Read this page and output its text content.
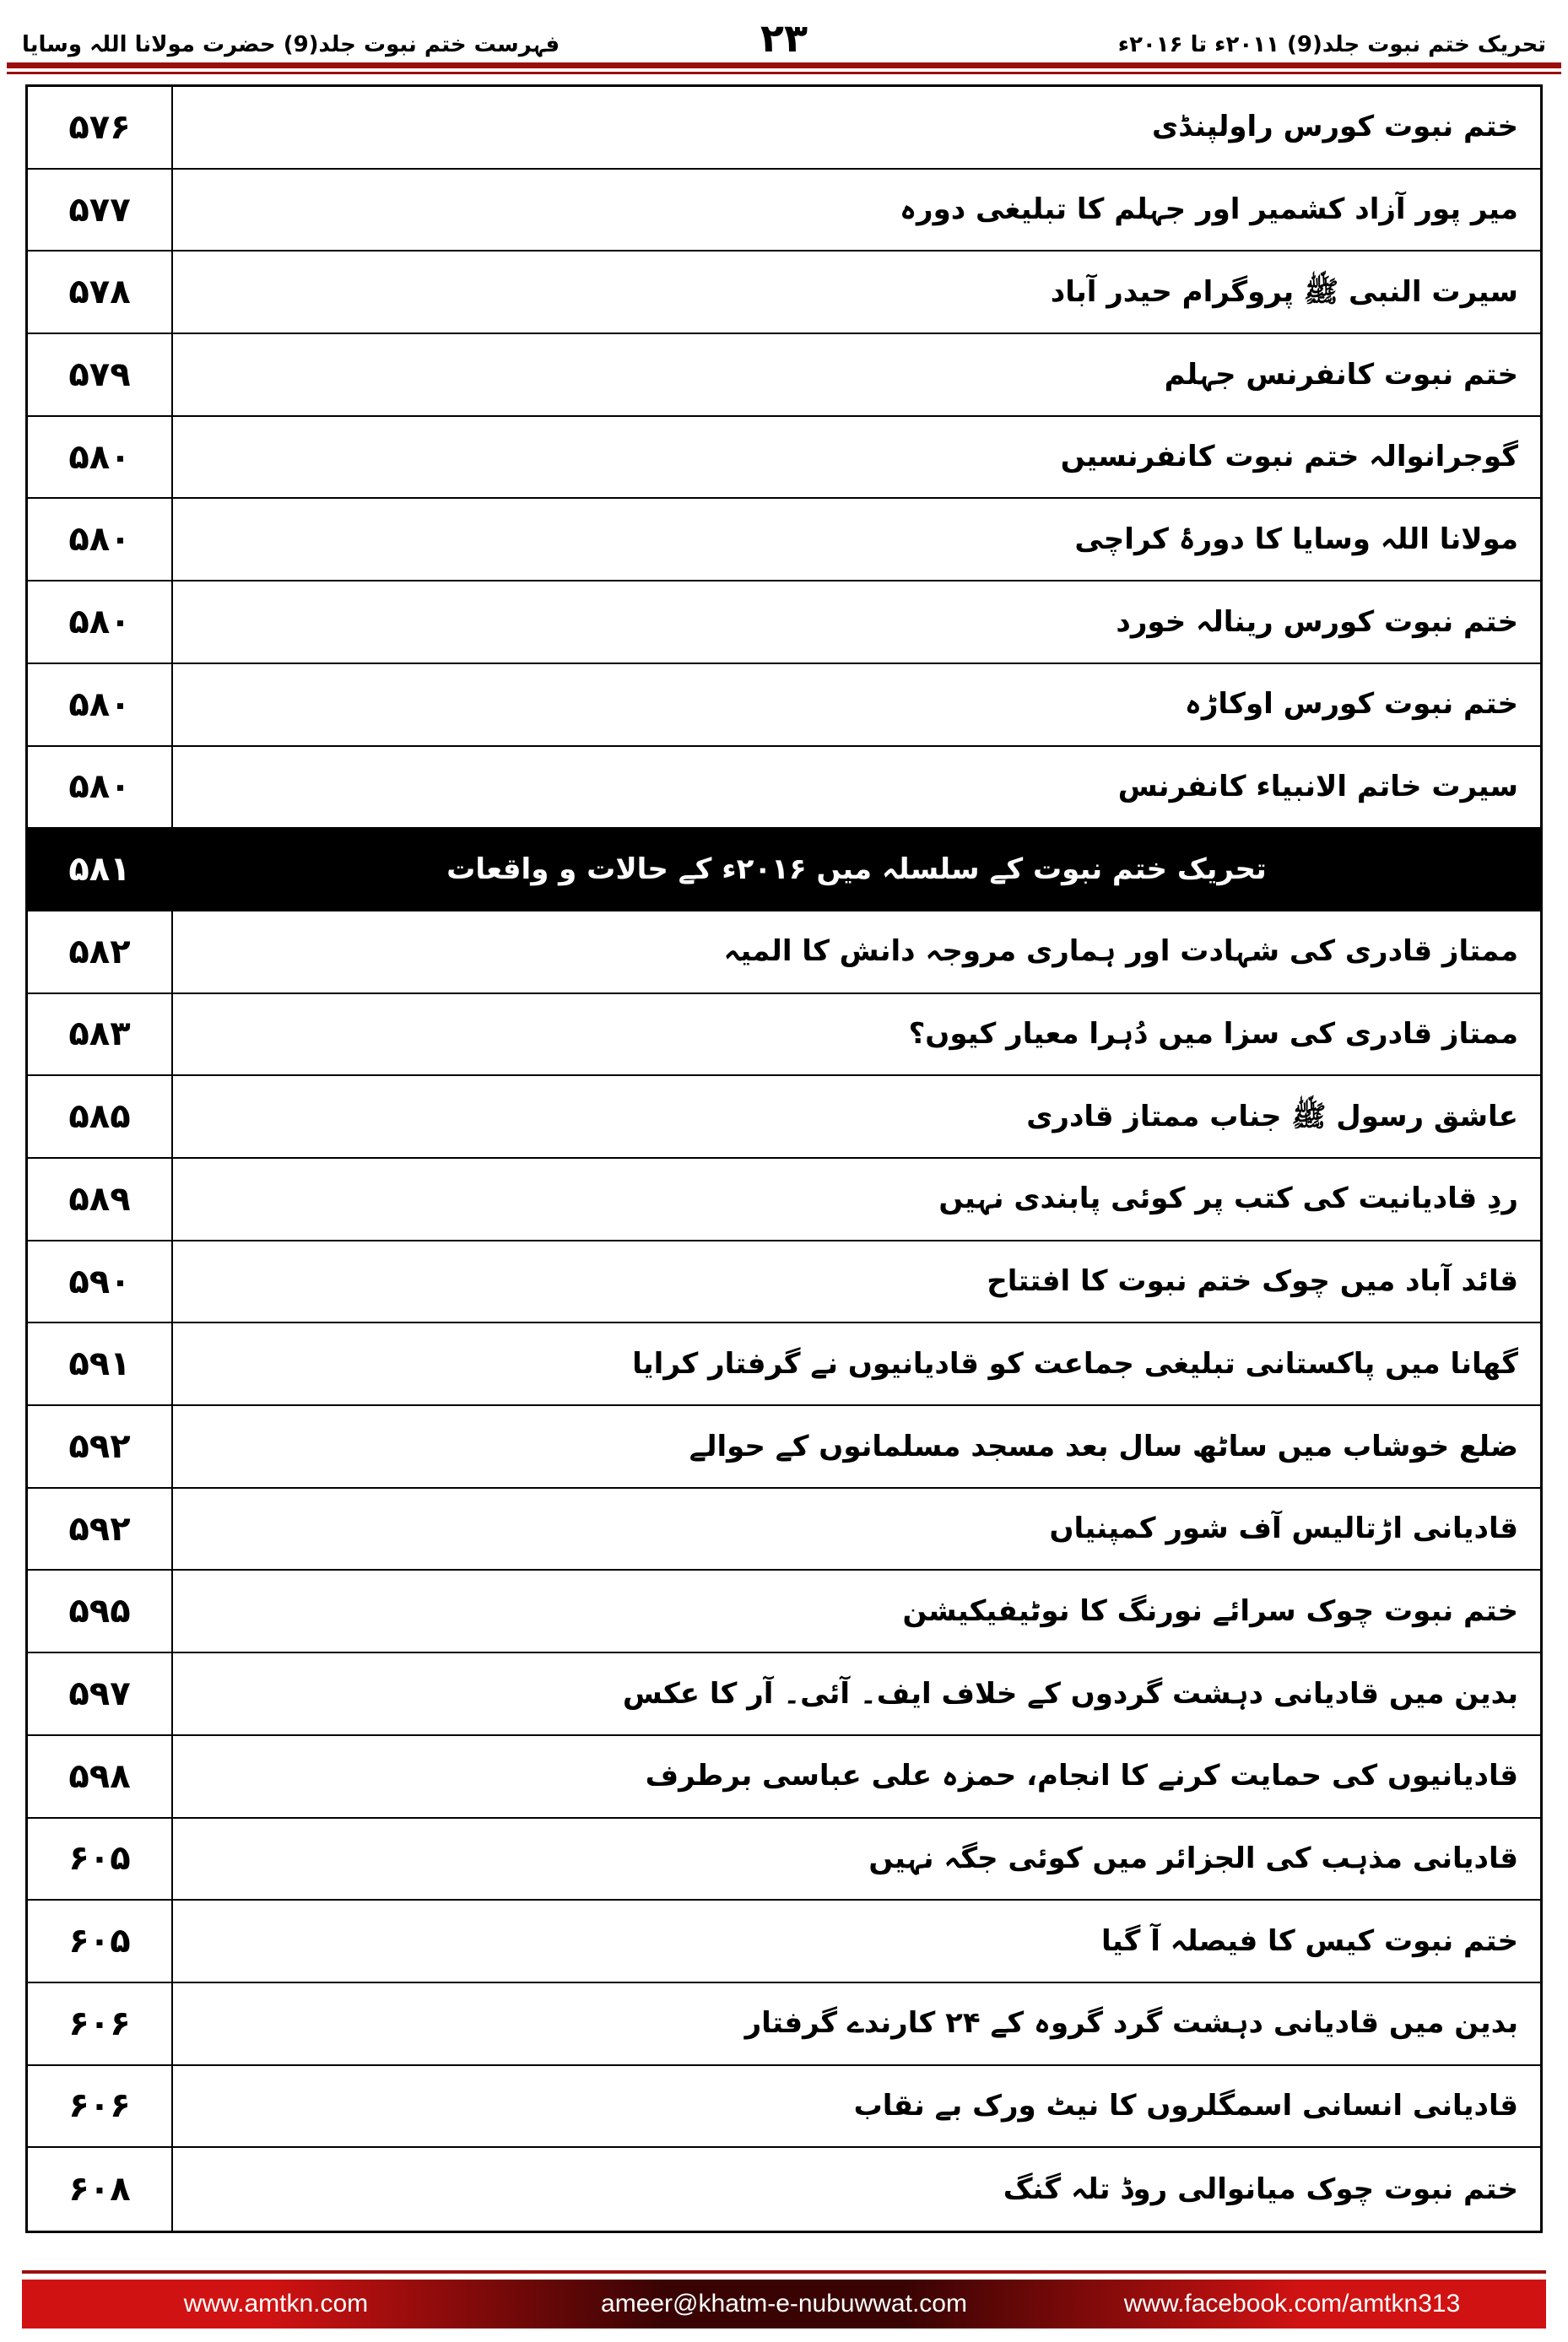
فہرست ختم نبوت جلد(9) حضرت مولانا اللہ وسایا	۲۳	تحریک ختم نبوت جلد(9) ۲۰۱۱ء تا ۲۰۱۶ء
۵۷۶	ختم نبوت کورس راولپنڈی
۵۷۷	میر پور آزاد کشمیر اور جہلم کا تبلیغی دورہ
۵۷۸	سیرت النبی ﷺ پروگرام حیدر آباد
۵۷۹	ختم نبوت کانفرنس جہلم
۵۸۰	گوجرانوالہ ختم نبوت کانفرنسیں
۵۸۰	مولانا اللہ وسایا کا دورۂ کراچی
۵۸۰	ختم نبوت کورس رینالہ خورد
۵۸۰	ختم نبوت کورس اوکاڑہ
۵۸۰	سیرت خاتم الانبیاء کانفرنس
۵۸۱	تحریک ختم نبوت کے سلسلہ میں ۲۰۱۶ء کے حالات و واقعات
۵۸۲	ممتاز قادری کی شہادت اور ہماری مروجہ دانش کا المیہ
۵۸۳	ممتاز قادری کی سزا میں دُہرا معیار کیوں؟
۵۸۵	عاشق رسول ﷺ جناب ممتاز قادری
۵۸۹	ردِ قادیانیت کی کتب پر کوئی پابندی نہیں
۵۹۰	قائد آباد میں چوک ختم نبوت کا افتتاح
۵۹۱	گھانا میں پاکستانی تبلیغی جماعت کو قادیانیوں نے گرفتار کرایا
۵۹۲	ضلع خوشاب میں ساٹھ سال بعد مسجد مسلمانوں کے حوالے
۵۹۲	قادیانی اڑتالیس آف شور کمپنیاں
۵۹۵	ختم نبوت چوک سرائے نورنگ کا نوٹیفیکیشن
۵۹۷	بدین میں قادیانی دہشت گردوں کے خلاف ایف۔ آئی۔ آر کا عکس
۵۹۸	قادیانیوں کی حمایت کرنے کا انجام، حمزہ علی عباسی برطرف
۶۰۵	قادیانی مذہب کی الجزائر میں کوئی جگہ نہیں
۶۰۵	ختم نبوت کیس کا فیصلہ آ گیا
۶۰۶	بدین میں قادیانی دہشت گرد گروہ کے ۲۴ کارندے گرفتار
۶۰۶	قادیانی انسانی اسمگلروں کا نیٹ ورک بے نقاب
۶۰۸	ختم نبوت چوک میانوالی روڈ تلہ گنگ
www.amtkn.com	ameer@khatm-e-nubuwwat.com	www.facebook.com/amtkn313
